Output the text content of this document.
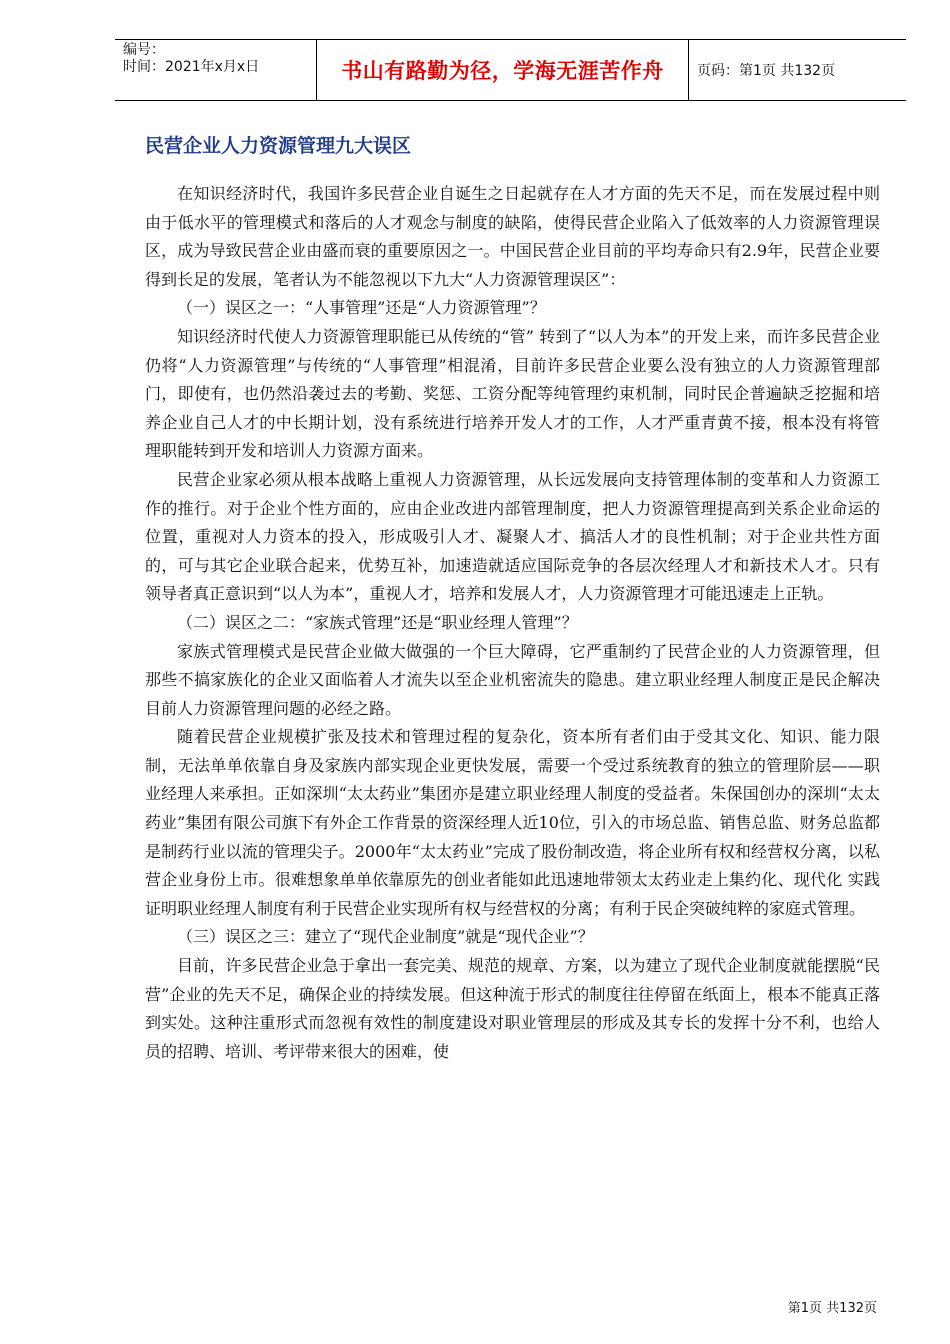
编号：
时间：2021年x月x日	书山有路勤为径，学海无涯苦作舟	页码：第1页 共132页
民营企业人力资源管理九大误区

在知识经济时代，我国许多民营企业自诞生之日起就存在人才方面的先天不足，而在发展过程中则由于低水平的管理模式和落后的人才观念与制度的缺陷，使得民营企业陷入了低效率的人力资源管理误区，成为导致民营企业由盛而衰的重要原因之一。中国民营企业目前的平均寿命只有2.9年，民营企业要得到长足的发展，笔者认为不能忽视以下九大“人力资源管理误区”：

（一）误区之一：“人事管理”还是“人力资源管理”？

知识经济时代使人力资源管理职能已从传统的“管” 转到了“以人为本”的开发上来，而许多民营企业仍将“人力资源管理”与传统的“人事管理”相混淆，目前许多民营企业要么没有独立的人力资源管理部门，即使有，也仍然沿袭过去的考勤、奖惩、工资分配等纯管理约束机制，同时民企普遍缺乏挖掘和培养企业自己人才的中长期计划，没有系统进行培养开发人才的工作，人才严重青黄不接，根本没有将管理职能转到开发和培训人力资源方面来。

民营企业家必须从根本战略上重视人力资源管理，从长远发展向支持管理体制的变革和人力资源工作的推行。对于企业个性方面的，应由企业改进内部管理制度，把人力资源管理提高到关系企业命运的位置，重视对人力资本的投入，形成吸引人才、凝聚人才、搞活人才的良性机制；对于企业共性方面的，可与其它企业联合起来，优势互补，加速造就适应国际竞争的各层次经理人才和新技术人才。只有领导者真正意识到“以人为本”，重视人才，培养和发展人才，人力资源管理才可能迅速走上正轨。

（二）误区之二：“家族式管理”还是“职业经理人管理”？

家族式管理模式是民营企业做大做强的一个巨大障碍，它严重制约了民营企业的人力资源管理，但那些不搞家族化的企业又面临着人才流失以至企业机密流失的隐患。建立职业经理人制度正是民企解决目前人力资源管理问题的必经之路。

随着民营企业规模扩张及技术和管理过程的复杂化，资本所有者们由于受其文化、知识、能力限制，无法单单依靠自身及家族内部实现企业更快发展，需要一个受过系统教育的独立的管理阶层——职业经理人来承担。正如深圳“太太药业”集团亦是建立职业经理人制度的受益者。朱保国创办的深圳“太太药业”集团有限公司旗下有外企工作背景的资深经理人近10位，引入的市场总监、销售总监、财务总监都是制药行业以流的管理尖子。2000年“太太药业”完成了股份制改造，将企业所有权和经营权分离，以私营企业身份上市。很难想象单单依靠原先的创业者能如此迅速地带领太太药业走上集约化、现代化 实践证明职业经理人制度有利于民营企业实现所有权与经营权的分离；有利于民企突破纯粹的家庭式管理。

（三）误区之三：建立了“现代企业制度”就是“现代企业”？

目前，许多民营企业急于拿出一套完美、规范的规章、方案，以为建立了现代企业制度就能摆脱“民营”企业的先天不足，确保企业的持续发展。但这种流于形式的制度往往停留在纸面上，根本不能真正落到实处。这种注重形式而忽视有效性的制度建设对职业管理层的形成及其专长的发挥十分不利，也给人员的招聘、培训、考评带来很大的困难，使

第1页 共132页
